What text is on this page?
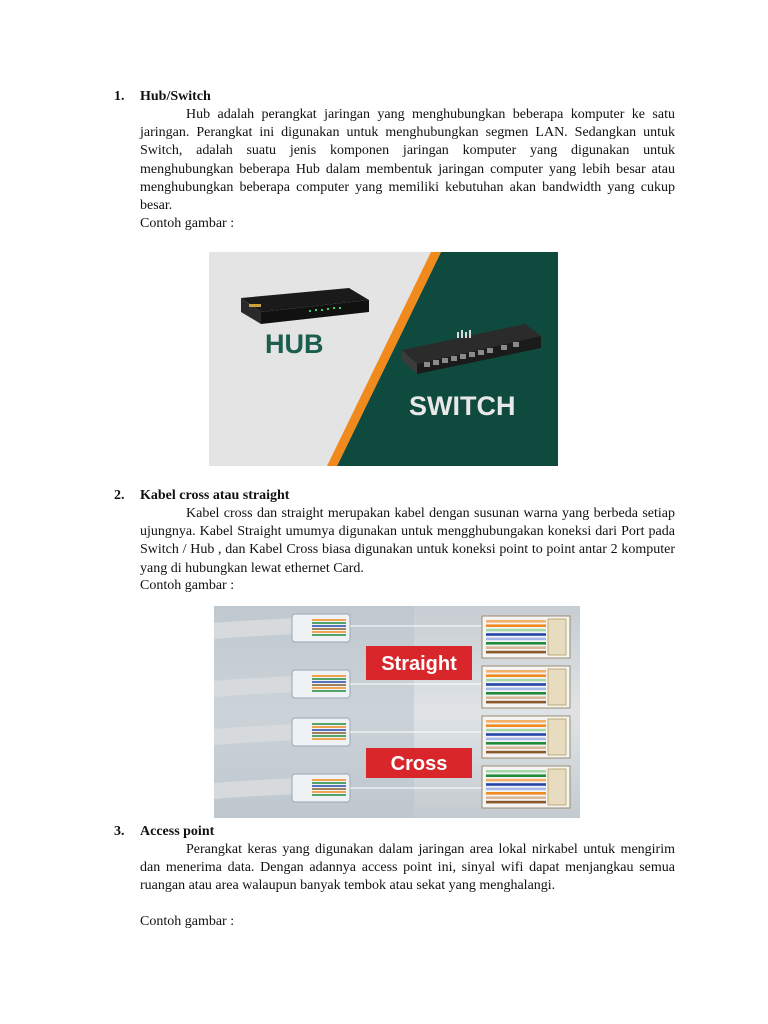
1. Hub/Switch
Hub adalah perangkat jaringan yang menghubungkan beberapa komputer ke satu jaringan. Perangkat ini digunakan untuk menghubungkan segmen LAN. Sedangkan untuk Switch, adalah suatu jenis komponen jaringan komputer yang digunakan untuk menghubungkan beberapa Hub dalam membentuk jaringan computer yang lebih besar atau menghubungkan beberapa computer yang memiliki kebutuhan akan bandwidth yang cukup besar.
Contoh gambar :
HUB
SWITCH
2. Kabel cross atau straight
Kabel cross dan straight merupakan kabel dengan susunan warna yang berbeda setiap ujungnya. Kabel Straight umumya digunakan untuk mengghubungakan koneksi dari Port pada Switch / Hub , dan Kabel Cross biasa digunakan untuk koneksi point to point antar 2 komputer yang di hubungkan lewat ethernet Card.
Contoh gambar :
Straight
Cross
3. Access point
Perangkat keras yang digunakan dalam jaringan area lokal nirkabel untuk mengirim dan menerima data. Dengan adannya access point ini, sinyal wifi dapat menjangkau semua ruangan atau area walaupun banyak tembok atau sekat yang menghalangi.
Contoh gambar :
